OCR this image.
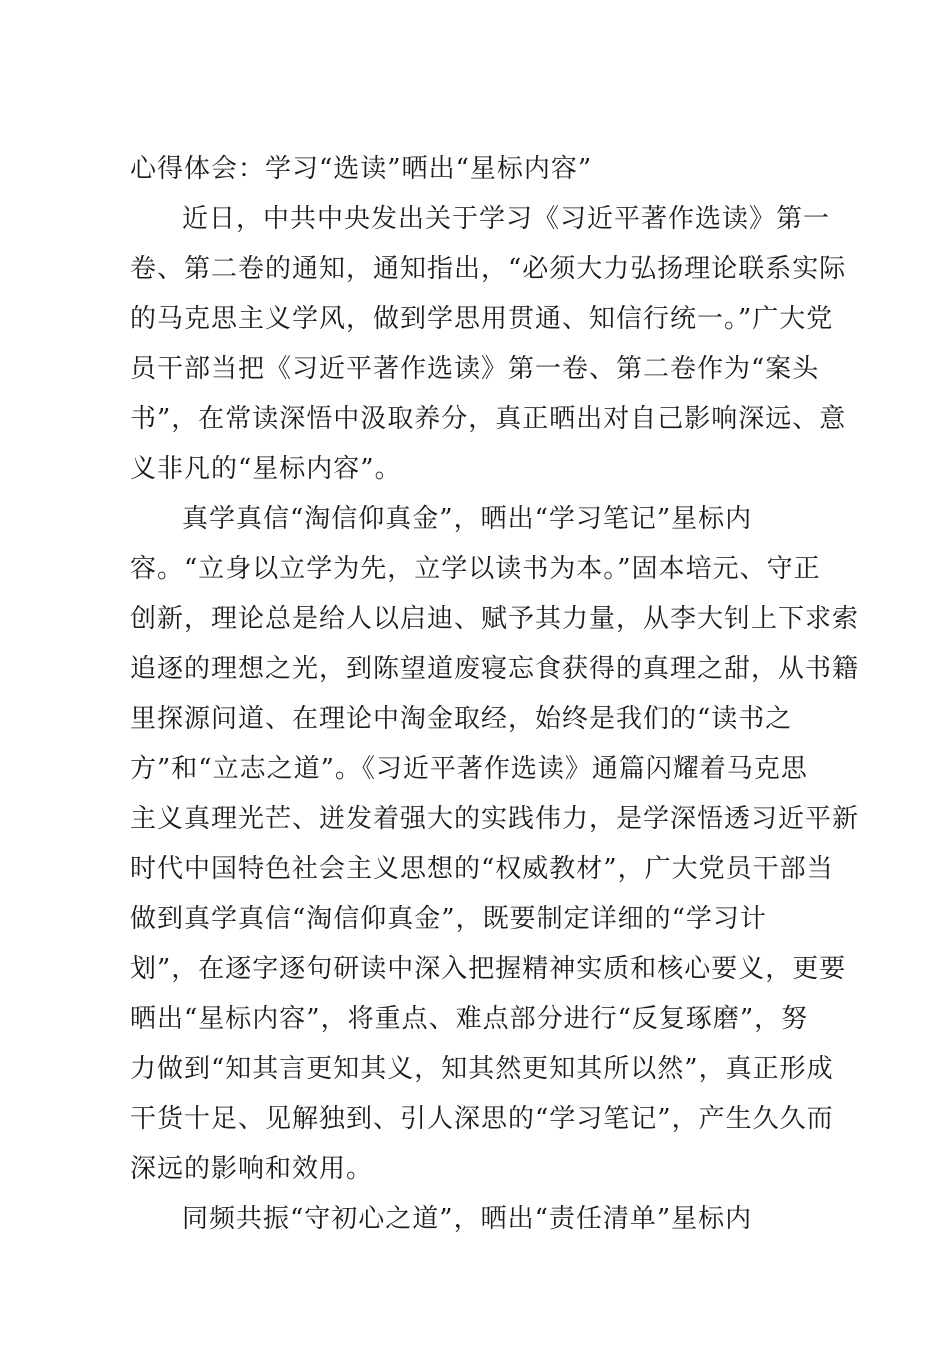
心得体会：学习“选读”晒出“星标内容”
近日，中共中央发出关于学习《习近平著作选读》第一
卷、第二卷的通知，通知指出，“必须大力弘扬理论联系实际
的马克思主义学风，做到学思用贯通、知信行统一。”广大党
员干部当把《习近平著作选读》第一卷、第二卷作为“案头
书”，在常读深悟中汲取养分，真正晒出对自己影响深远、意
义非凡的“星标内容”。
真学真信“淘信仰真金”，晒出“学习笔记”星标内
容。“立身以立学为先，立学以读书为本。”固本培元、守正
创新，理论总是给人以启迪、赋予其力量，从李大钊上下求索
追逐的理想之光，到陈望道废寝忘食获得的真理之甜，从书籍
里探源问道、在理论中淘金取经，始终是我们的“读书之
方”和“立志之道”。《习近平著作选读》通篇闪耀着马克思
主义真理光芒、迸发着强大的实践伟力，是学深悟透习近平新
时代中国特色社会主义思想的“权威教材”，广大党员干部当
做到真学真信“淘信仰真金”，既要制定详细的“学习计
划”，在逐字逐句研读中深入把握精神实质和核心要义，更要
晒出“星标内容”，将重点、难点部分进行“反复琢磨”，努
力做到“知其言更知其义，知其然更知其所以然”，真正形成
干货十足、见解独到、引人深思的“学习笔记”，产生久久而
深远的影响和效用。
同频共振“守初心之道”，晒出“责任清单”星标内
